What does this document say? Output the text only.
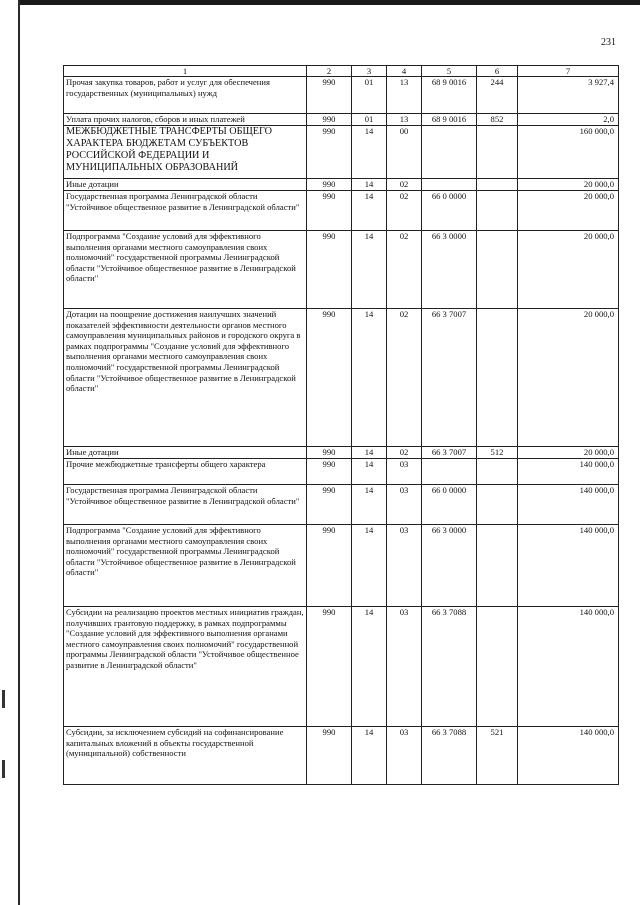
231
1	2	3	4	5	6	7
Прочая закупка товаров, работ и услуг для обеспечения государственных (муниципальных) нужд	990	01	13	68 9 0016	244	3 927,4
Уплата прочих налогов, сборов и иных платежей	990	01	13	68 9 0016	852	2,0
МЕЖБЮДЖЕТНЫЕ ТРАНСФЕРТЫ ОБЩЕГО ХАРАКТЕРА БЮДЖЕТАМ СУБЪЕКТОВ РОССИЙСКОЙ ФЕДЕРАЦИИ И МУНИЦИПАЛЬНЫХ ОБРАЗОВАНИЙ	990	14	00			160 000,0
Иные дотации	990	14	02			20 000,0
Государственная программа Ленинградской области "Устойчивое общественное развитие в Ленинградской области"	990	14	02	66 0 0000		20 000,0
Подпрограмма "Создание условий для эффективного выполнения органами местного самоуправления своих полномочий" государственной программы Ленинградской области "Устойчивое общественное развитие в Ленинградской области"	990	14	02	66 3 0000		20 000,0
Дотации на поощрение достижения наилучших значений показателей эффективности деятельности органов местного самоуправления муниципальных районов и городского округа в рамках подпрограммы "Создание условий для эффективного выполнения органами местного самоуправления своих полномочий" государственной программы Ленинградской области "Устойчивое общественное развитие в Ленинградской области"	990	14	02	66 3 7007		20 000,0
Иные дотации	990	14	02	66 3 7007	512	20 000,0
Прочие межбюджетные трансферты общего характера	990	14	03			140 000,0
Государственная программа Ленинградской области "Устойчивое общественное развитие в Ленинградской области"	990	14	03	66 0 0000		140 000,0
Подпрограмма "Создание условий для эффективного выполнения органами местного самоуправления своих полномочий" государственной программы Ленинградской области "Устойчивое общественное развитие в Ленинградской области"	990	14	03	66 3 0000		140 000,0
Субсидии на реализацию проектов местных инициатив граждан, получивших грантовую поддержку, в рамках подпрограммы "Создание условий для эффективного выполнения органами местного самоуправления своих полномочий" государственной программы Ленинградской области "Устойчивое общественное развитие в Ленинградской области"	990	14	03	66 3 7088		140 000,0
Субсидии, за исключением субсидий на софинансирование капитальных вложений в объекты государственной (муниципальной) собственности	990	14	03	66 3 7088	521	140 000,0
